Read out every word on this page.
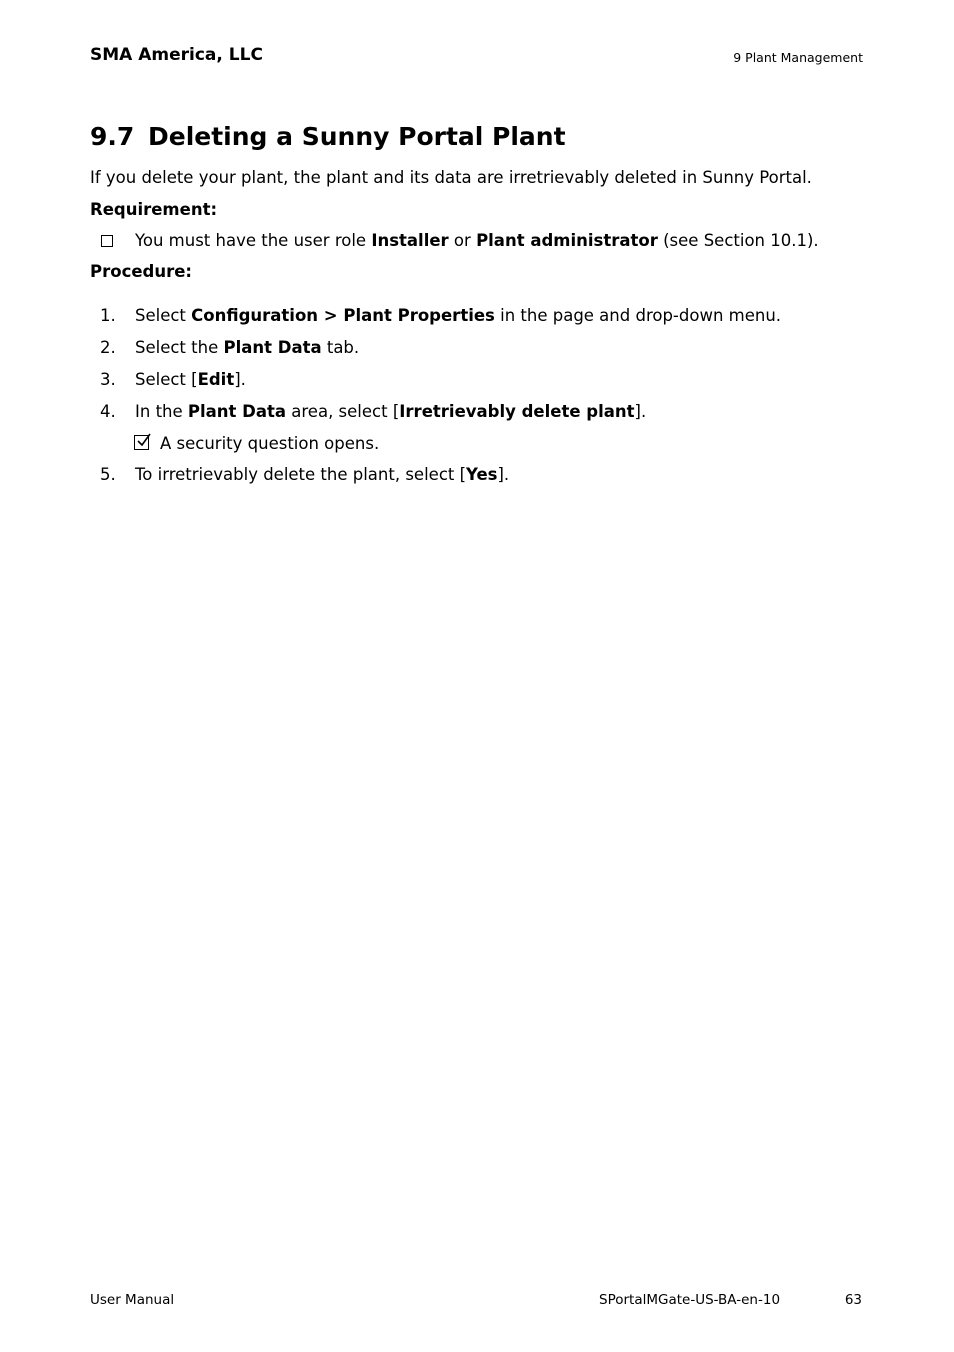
SMA America, LLC	9 Plant Management
9.7 Deleting a Sunny Portal Plant
If you delete your plant, the plant and its data are irretrievably deleted in Sunny Portal.
Requirement:
You must have the user role Installer or Plant administrator (see Section 10.1).
Procedure:
1. Select Configuration > Plant Properties in the page and drop-down menu.
2. Select the Plant Data tab.
3. Select [Edit].
4. In the Plant Data area, select [Irretrievably delete plant].
A security question opens.
5. To irretrievably delete the plant, select [Yes].
User Manual	SPortalMGate-US-BA-en-10	63
